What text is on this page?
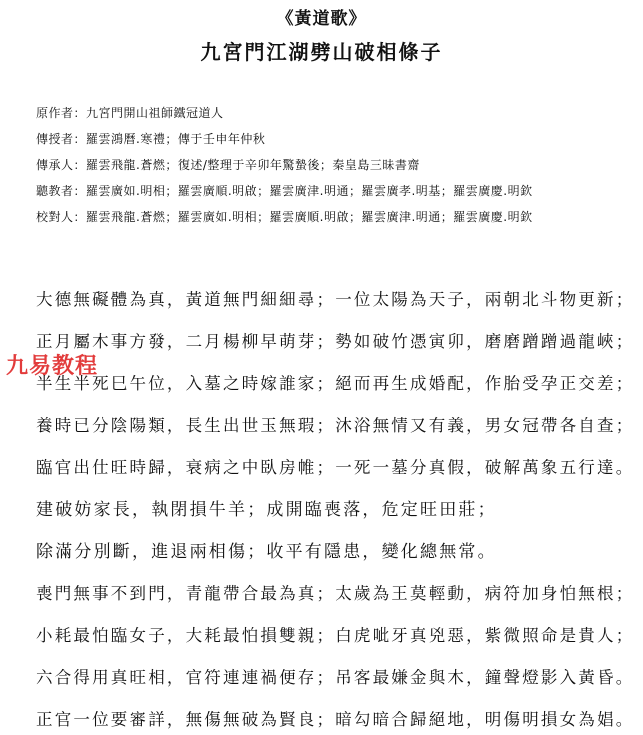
《黃道歌》
九宮門江湖劈山破相條子
原作者：九宮門開山祖師鐵冠道人
傳授者：羅雲鴻曆.寒禮；傳于壬申年仲秋
傳承人：羅雲飛龍.蒼燃；復述/整理于辛卯年驚蟄後；秦皇島三昧書齋
聽教者：羅雲廣如.明相；羅雲廣順.明啟；羅雲廣津.明通；羅雲廣孝.明基；羅雲廣慶.明欽
校對人：羅雲飛龍.蒼燃；羅雲廣如.明相；羅雲廣順.明啟；羅雲廣津.明通；羅雲廣慶.明欽
大德無礙體為真，黃道無門細細尋；一位太陽為天子，兩朝北斗物更新；
正月屬木事方發，二月楊柳早萌芽；勢如破竹憑寅卯，磨磨蹭蹭過龍峽；
半生半死巳午位，入墓之時嫁誰家；絕而再生成婚配，作胎受孕正交差；
養時已分陰陽類，長生出世玉無瑕；沐浴無情又有義，男女冠帶各自查；
臨官出仕旺時歸，衰病之中臥房帷；一死一墓分真假，破解萬象五行達。
建破妨家長，執閉損牛羊；成開臨喪落，危定旺田莊；
除滿分別斷，進退兩相傷；收平有隱患，變化總無常。
喪門無事不到門，青龍帶合最為真；太歲為王莫輕動，病符加身怕無根；
小耗最怕臨女子，大耗最怕損雙親；白虎呲牙真兇惡，紫微照命是貴人；
六合得用真旺相，官符連連禍便存；吊客最嫌金與木，鐘聲燈影入黃昏。
正官一位要審詳，無傷無破為賢良；暗勾暗合歸絕地，明傷明損女為娼。
九易教程
